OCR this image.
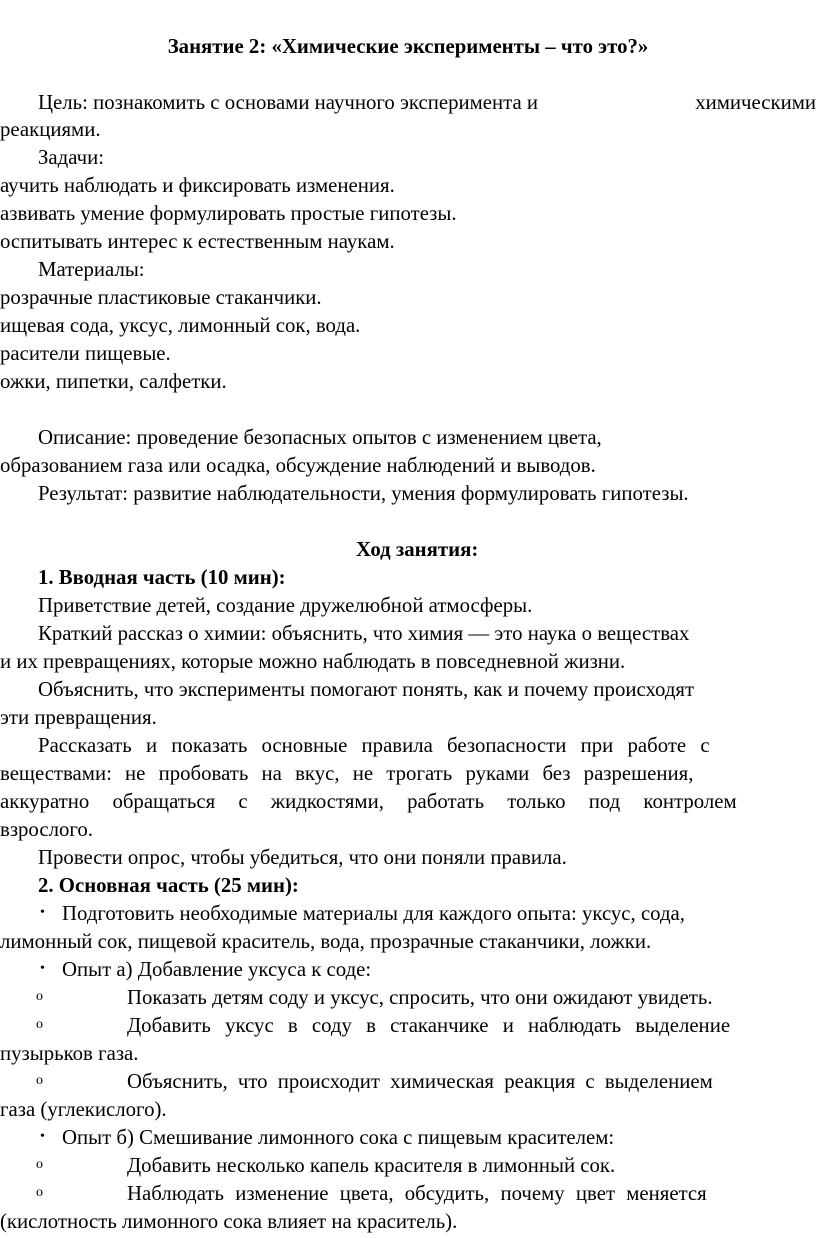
Занятие 2: «Химические эксперименты – что это?»
Цель: познакомить с основами научного эксперимента и	химическими
реакциями.
Задачи:
аучить наблюдать и фиксировать изменения.
азвивать умение формулировать простые гипотезы.
оспитывать интерес к естественным наукам.
Материалы:
розрачные пластиковые стаканчики.
ищевая сода, уксус, лимонный сок, вода.
расители пищевые.
ожки, пипетки, салфетки.
Описание: проведение безопасных опытов с изменением цвета,
образованием газа или осадка, обсуждение наблюдений и выводов.
Результат: развитие наблюдательности, умения формулировать гипотезы.
Ход занятия:
1. Вводная часть (10 мин):
Приветствие детей, создание дружелюбной атмосферы.
Краткий рассказ о химии: объяснить, что химия — это наука о веществах
и их превращениях, которые можно наблюдать в повседневной жизни.
Объяснить, что эксперименты помогают понять, как и почему происходят
эти превращения.
Рассказать и показать основные правила безопасности при работе с
веществами: не пробовать на вкус, не трогать руками без разрешения,
аккуратно обращаться с жидкостями, работать только под контролем
взрослого.
Провести опрос, чтобы убедиться, что они поняли правила.
2. Основная часть (25 мин):
• Подготовить необходимые материалы для каждого опыта: уксус, сода,
лимонный сок, пищевой краситель, вода, прозрачные стаканчики, ложки.
• Опыт а) Добавление уксуса к соде:
o	Показать детям соду и уксус, спросить, что они ожидают увидеть.
o	Добавить уксус в соду в стаканчике и наблюдать выделение
пузырьков газа.
o	Объяснить, что происходит химическая реакция с выделением
газа (углекислого).
• Опыт б) Смешивание лимонного сока с пищевым красителем:
o	Добавить несколько капель красителя в лимонный сок.
o	Наблюдать изменение цвета, обсудить, почему цвет меняется
(кислотность лимонного сока влияет на краситель).
